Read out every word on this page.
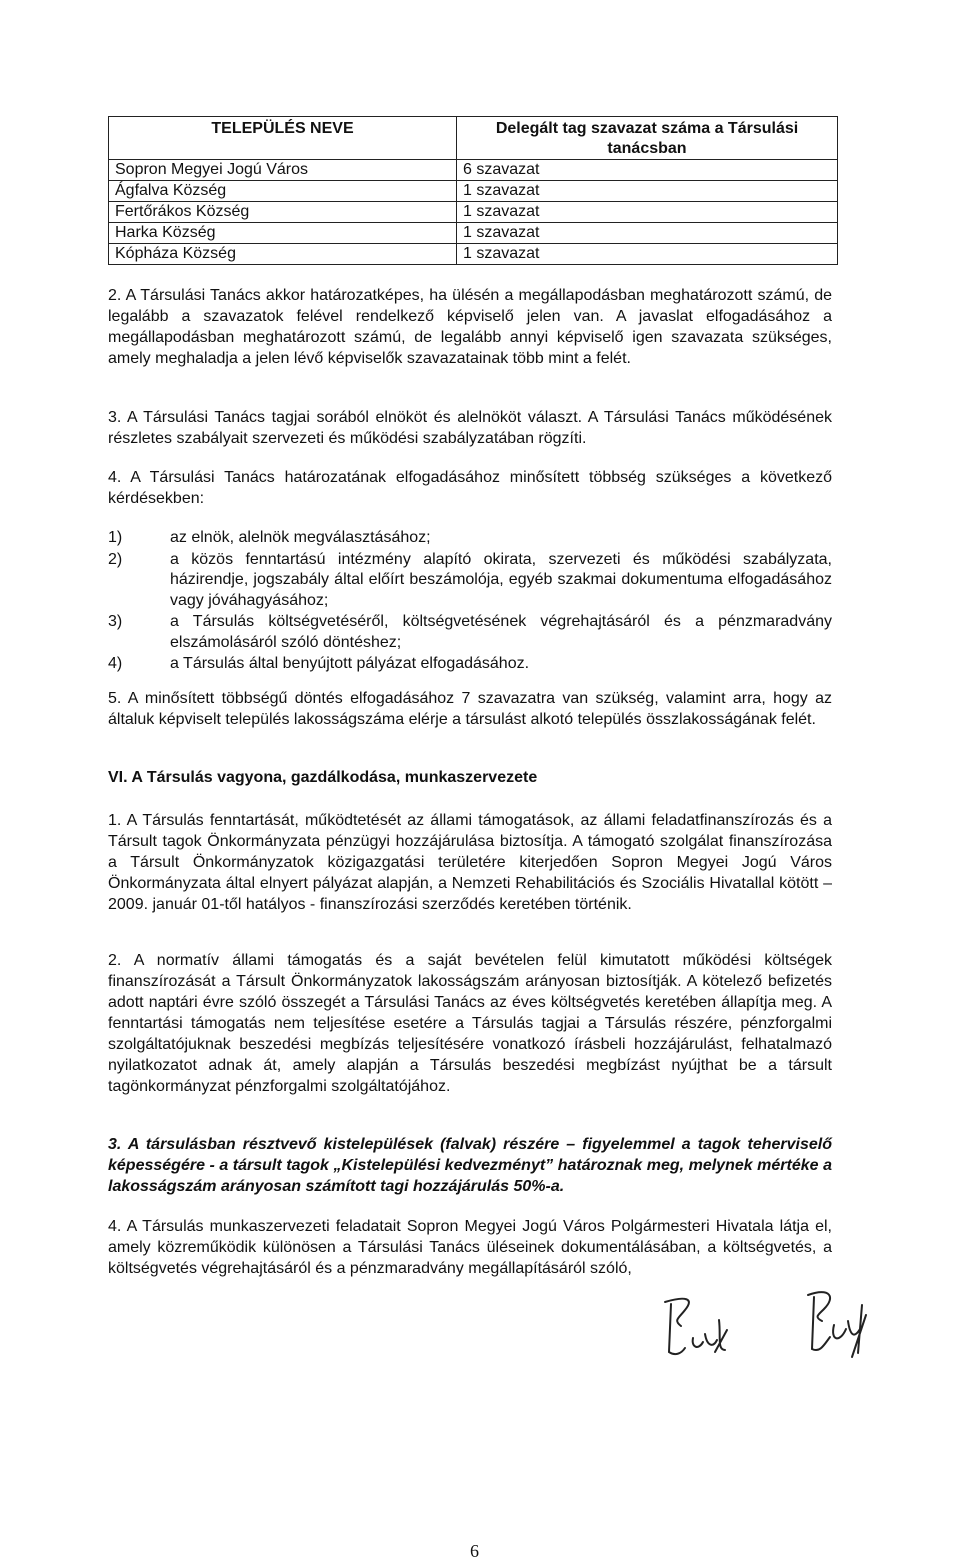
TELEPÜLÉS NEVE	Delegált tag szavazat száma a Társulási tanácsban
Sopron Megyei Jogú Város	6 szavazat
Ágfalva Község	1 szavazat
Fertőrákos Község	1 szavazat
Harka Község	1 szavazat
Kópháza Község	1 szavazat

2. A Társulási Tanács akkor határozatképes, ha ülésén a megállapodásban meghatározott számú, de legalább a szavazatok felével rendelkező képviselő jelen van. A javaslat elfogadásához a megállapodásban meghatározott számú, de legalább annyi képviselő igen szavazata szükséges, amely meghaladja a jelen lévő képviselők szavazatainak több mint a felét.

3. A Társulási Tanács tagjai sorából elnököt és alelnököt választ. A Társulási Tanács működésének részletes szabályait szervezeti és működési szabályzatában rögzíti.

4. A Társulási Tanács határozatának elfogadásához minősített többség szükséges a következő kérdésekben:

1)	az elnök, alelnök megválasztásához;
2)	a közös fenntartású intézmény alapító okirata, szervezeti és működési szabályzata, házirendje, jogszabály által előírt beszámolója, egyéb szakmai dokumentuma elfogadásához vagy jóváhagyásához;
3)	a Társulás költségvetéséről, költségvetésének végrehajtásáról és a pénzmaradvány elszámolásáról szóló döntéshez;
4)	a Társulás által benyújtott pályázat elfogadásához.

5. A minősített többségű döntés elfogadásához 7 szavazatra van szükség, valamint arra, hogy az általuk képviselt település lakosságszáma elérje a társulást alkotó település összlakosságának felét.

VI. A Társulás vagyona, gazdálkodása, munkaszervezete

1. A Társulás fenntartását, működtetését az állami támogatások, az állami feladatfinanszírozás és a Társult tagok Önkormányzata pénzügyi hozzájárulása biztosítja. A támogató szolgálat finanszírozása a Társult Önkormányzatok közigazgatási területére kiterjedően Sopron Megyei Jogú Város Önkormányzata által elnyert pályázat alapján, a Nemzeti Rehabilitációs és Szociális Hivatallal kötött – 2009. január 01-től hatályos - finanszírozási szerződés keretében történik.

2. A normatív állami támogatás és a saját bevételen felül kimutatott működési költségek finanszírozását a Társult Önkormányzatok lakosságszám arányosan biztosítják. A kötelező befizetés adott naptári évre szóló összegét a Társulási Tanács az éves költségvetés keretében állapítja meg. A fenntartási támogatás nem teljesítése esetére a Társulás tagjai a Társulás részére, pénzforgalmi szolgáltatójuknak beszedési megbízás teljesítésére vonatkozó írásbeli hozzájárulást, felhatalmazó nyilatkozatot adnak át, amely alapján a Társulás beszedési megbízást nyújthat be a társult tagönkormányzat pénzforgalmi szolgáltatójához.

3. A társulásban résztvevő kistelepülések (falvak) részére – figyelemmel a tagok teherviselő képességére - a társult tagok „Kistelepülési kedvezményt” határoznak meg, melynek mértéke a lakosságszám arányosan számított tagi hozzájárulás 50%-a.

4. A Társulás munkaszervezeti feladatait Sopron Megyei Jogú Város Polgármesteri Hivatala látja el, amely közreműködik különösen a Társulási Tanács üléseinek dokumentálásában, a költségvetés, a költségvetés végrehajtásáról és a pénzmaradvány megállapításáról szóló,

6
